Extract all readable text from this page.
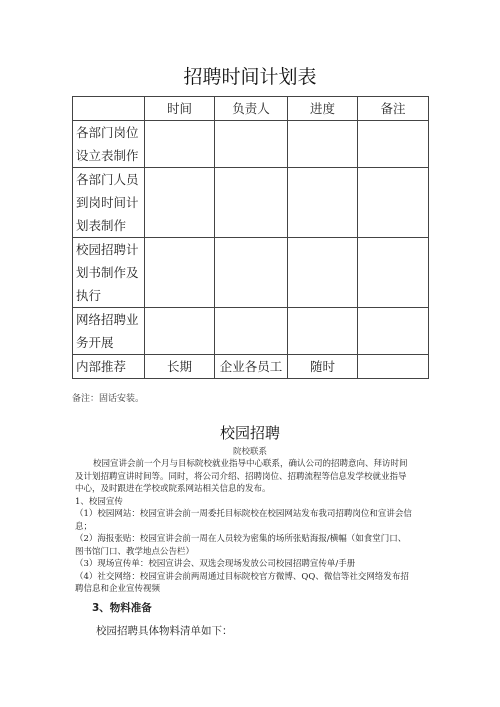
招聘时间计划表
	时间	负责人	进度	备注

各部门岗位
设立表制作				

各部门人员
到岗时间计
划表制作				

校园招聘计
划书制作及
执行				

网络招聘业
务开展				

内部推荐	长期	企业各员工	随时	
备注：固话安装。
校园招聘
院校联系
校园宣讲会前一个月与目标院校就业指导中心联系，确认公司的招聘意向、拜访时间
及计划招聘宣讲时间等。同时，将公司介绍、招聘岗位、招聘流程等信息发学校就业指导
中心，及时跟进在学校或院系网站相关信息的发布。
1、校园宣传
（1）校园网站：校园宣讲会前一周委托目标院校在校园网站发布我司招聘岗位和宣讲会信
息；
（2）海报张贴：校园宣讲会前一周在人员较为密集的场所张贴海报/横幅（如食堂门口、
图书馆门口、教学地点公告栏）
（3）现场宣传单：校园宣讲会、双选会现场发放公司校园招聘宣传单/手册
（4）社交网络：校园宣讲会前两周通过目标院校官方微博、QQ、微信等社交网络发布招
聘信息和企业宣传视频
3、物料准备
校园招聘具体物料清单如下：
